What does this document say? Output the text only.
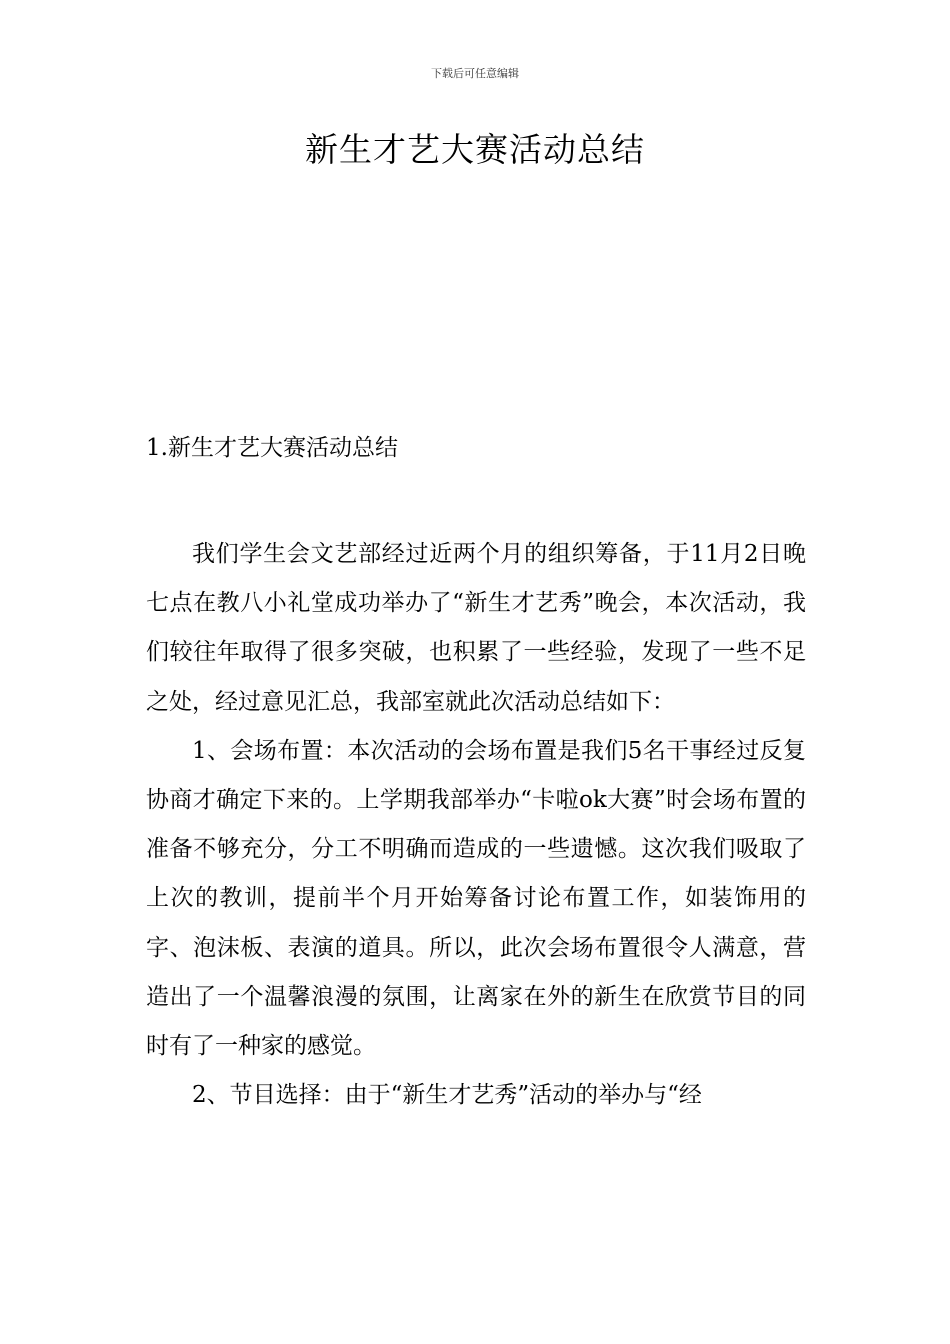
下载后可任意编辑
新生才艺大赛活动总结
1.新生才艺大赛活动总结

我们学生会文艺部经过近两个月的组织筹备，于11月2日晚七点在教八小礼堂成功举办了“新生才艺秀”晚会，本次活动，我们较往年取得了很多突破，也积累了一些经验，发现了一些不足之处，经过意见汇总，我部室就此次活动总结如下：

1、会场布置：本次活动的会场布置是我们5名干事经过反复协商才确定下来的。上学期我部举办“卡啦ok大赛”时会场布置的准备不够充分，分工不明确而造成的一些遗憾。这次我们吸取了上次的教训，提前半个月开始筹备讨论布置工作，如装饰用的字、泡沫板、表演的道具。所以，此次会场布置很令人满意，营造出了一个温馨浪漫的氛围，让离家在外的新生在欣赏节目的同时有了一种家的感觉。

2、节目选择：由于“新生才艺秀”活动的举办与“经
